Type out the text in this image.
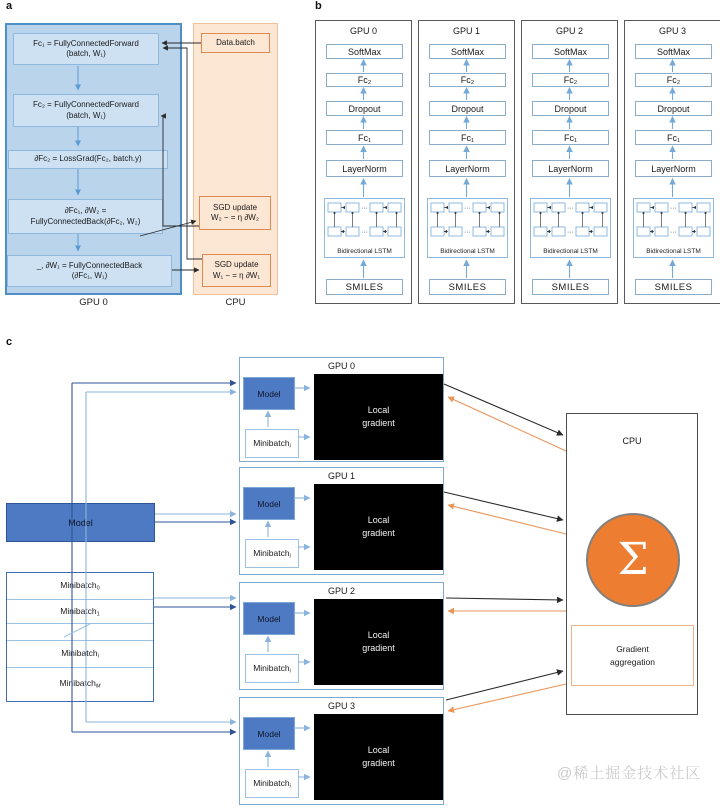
a
GPU 0	CPU
Fc₁ = FullyConnectedForward
(batch, W₁)
Fc₂ = FullyConnectedForward
(batch, W₁)
∂Fc₂ = LossGrad(Fc₂, batch.y)
∂Fc₁, ∂W₂ =
FullyConnectedBack(∂Fc₂, W₂)
_, ∂W₁ = FullyConnectedBack
(∂Fc₁, W₁)
Data.batch
SGD update
W₂ − = η ∂W₂
SGD update
W₁ − = η ∂W₁
b
GPU 0
SoftMax
Fc₂
Dropout
Fc₁
LayerNorm
···
···
Bidirectional LSTM
SMILES
GPU 1
SoftMax
Fc₂
Dropout
Fc₁
LayerNorm
···
···
Bidirectional LSTM
SMILES
GPU 2
SoftMax
Fc₂
Dropout
Fc₁
LayerNorm
···
···
Bidirectional LSTM
SMILES
GPU 3
SoftMax
Fc₂
Dropout
Fc₁
LayerNorm
···
···
Bidirectional LSTM
SMILES
c
Model
Minibatch$_0$
Minibatch$_1$
Minibatch$_i$
Minibatch$_M$
GPU 0
Model
Minibatch$_i$
Local
gradient
GPU 1
Model
Minibatch$_i$
Local
gradient
GPU 2
Model
Minibatch$_i$
Local
gradient
GPU 3
Model
Minibatch$_i$
Local
gradient
CPU
Σ
Gradient
aggregation
@稀土掘金技术社区
